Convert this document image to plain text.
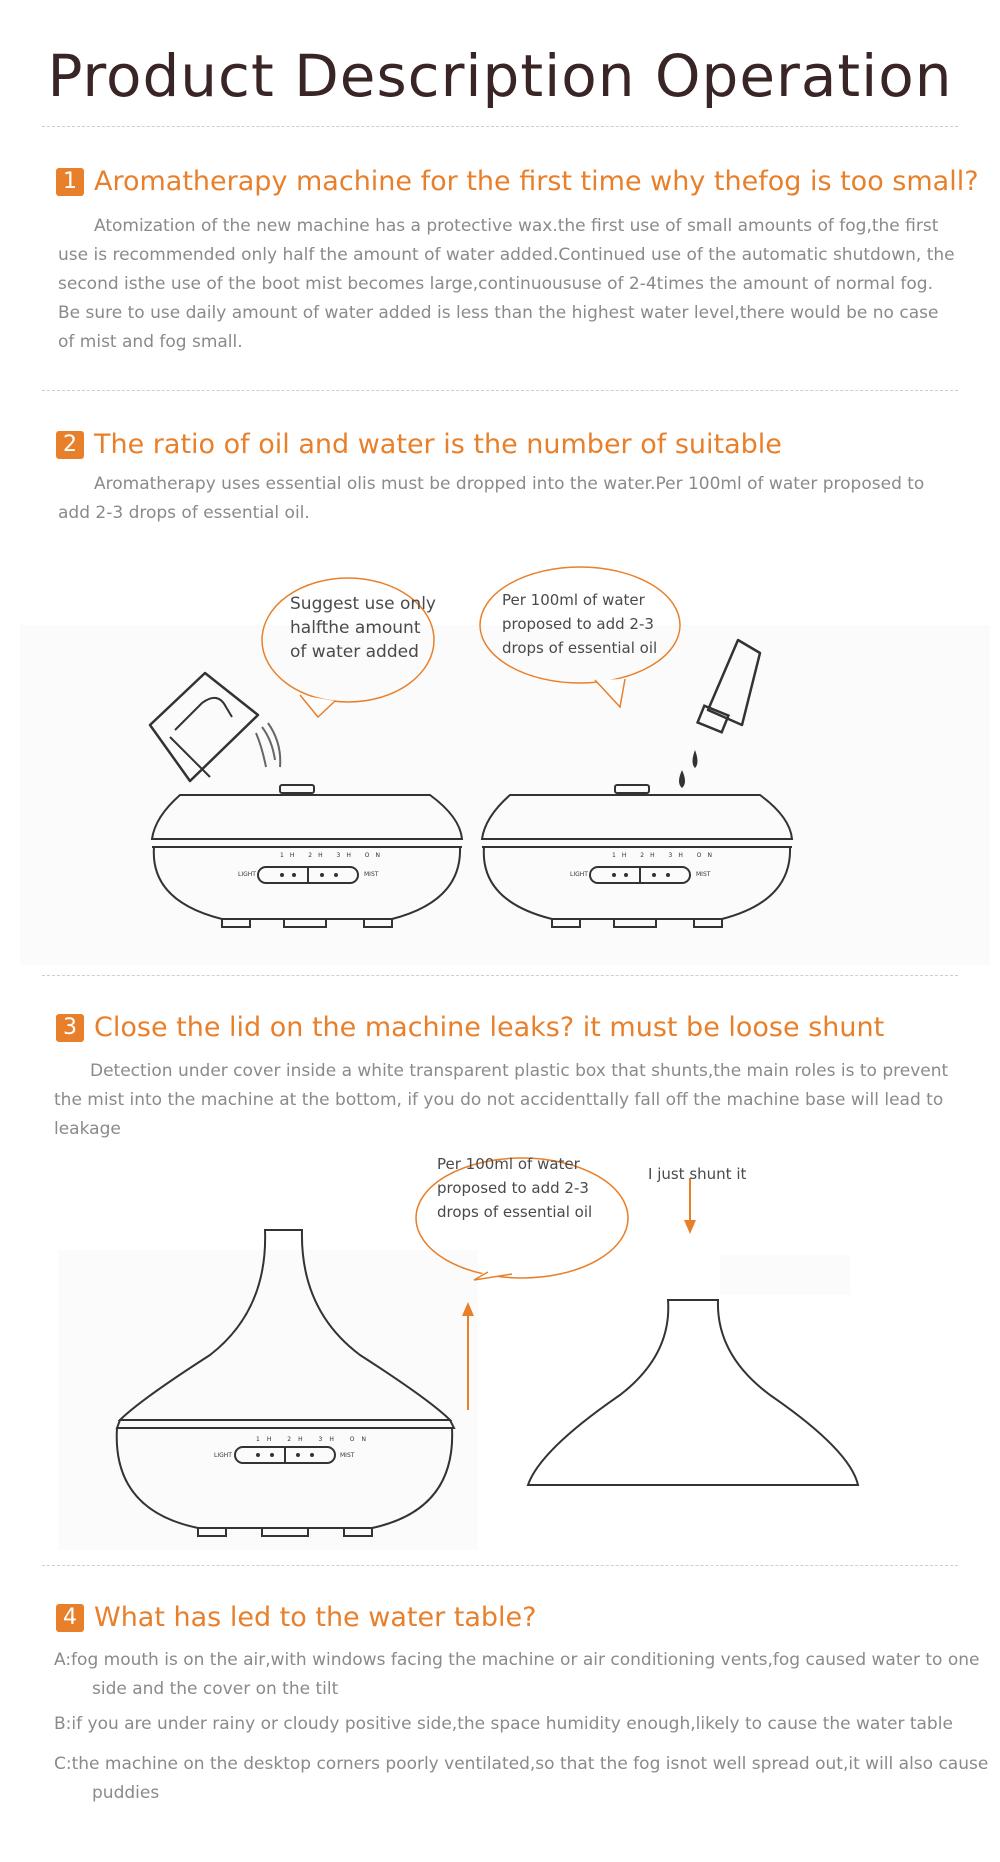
Product Description Operation
1 Aromatherapy machine for the first time why thefog is too small?
Atomization of the new machine has a protective wax.the first use of small amounts of fog,the first use is recommended only half the amount of water added.Continued use of the automatic shutdown, the second isthe use of the boot mist becomes large,continuoususe of 2-4times the amount of normal fog. Be sure to use daily amount of water added is less than the highest water level,there would be no case of mist and fog small.
2 The ratio of oil and water is the number of suitable
Aromatherapy uses essential olis must be dropped into the water.Per 100ml of water proposed to add 2-3 drops of essential oil.
Suggest use only halfthe amount of water added
Per 100ml of water proposed to add 2-3 drops of essential oil
1H 2H 3H ON
LIGHT	MIST
1H 2H 3H ON
LIGHT	MIST
3 Close the lid on the machine leaks? it must be loose shunt
Detection under cover inside a white transparent plastic box that shunts,the main roles is to prevent the mist into the machine at the bottom, if you do not accidenttally fall off the machine base will lead to leakage
Per 100ml of water proposed to add 2-3 drops of essential oil
I just shunt it
1H 2H 3H ON
LIGHT	MIST
4 What has led to the water table?
A:fog mouth is on the air,with windows facing the machine or air conditioning vents,fog caused water to one side and the cover on the tilt
B:if you are under rainy or cloudy positive side,the space humidity enough,likely to cause the water table
C:the machine on the desktop corners poorly ventilated,so that the fog isnot well spread out,it will also cause puddies
